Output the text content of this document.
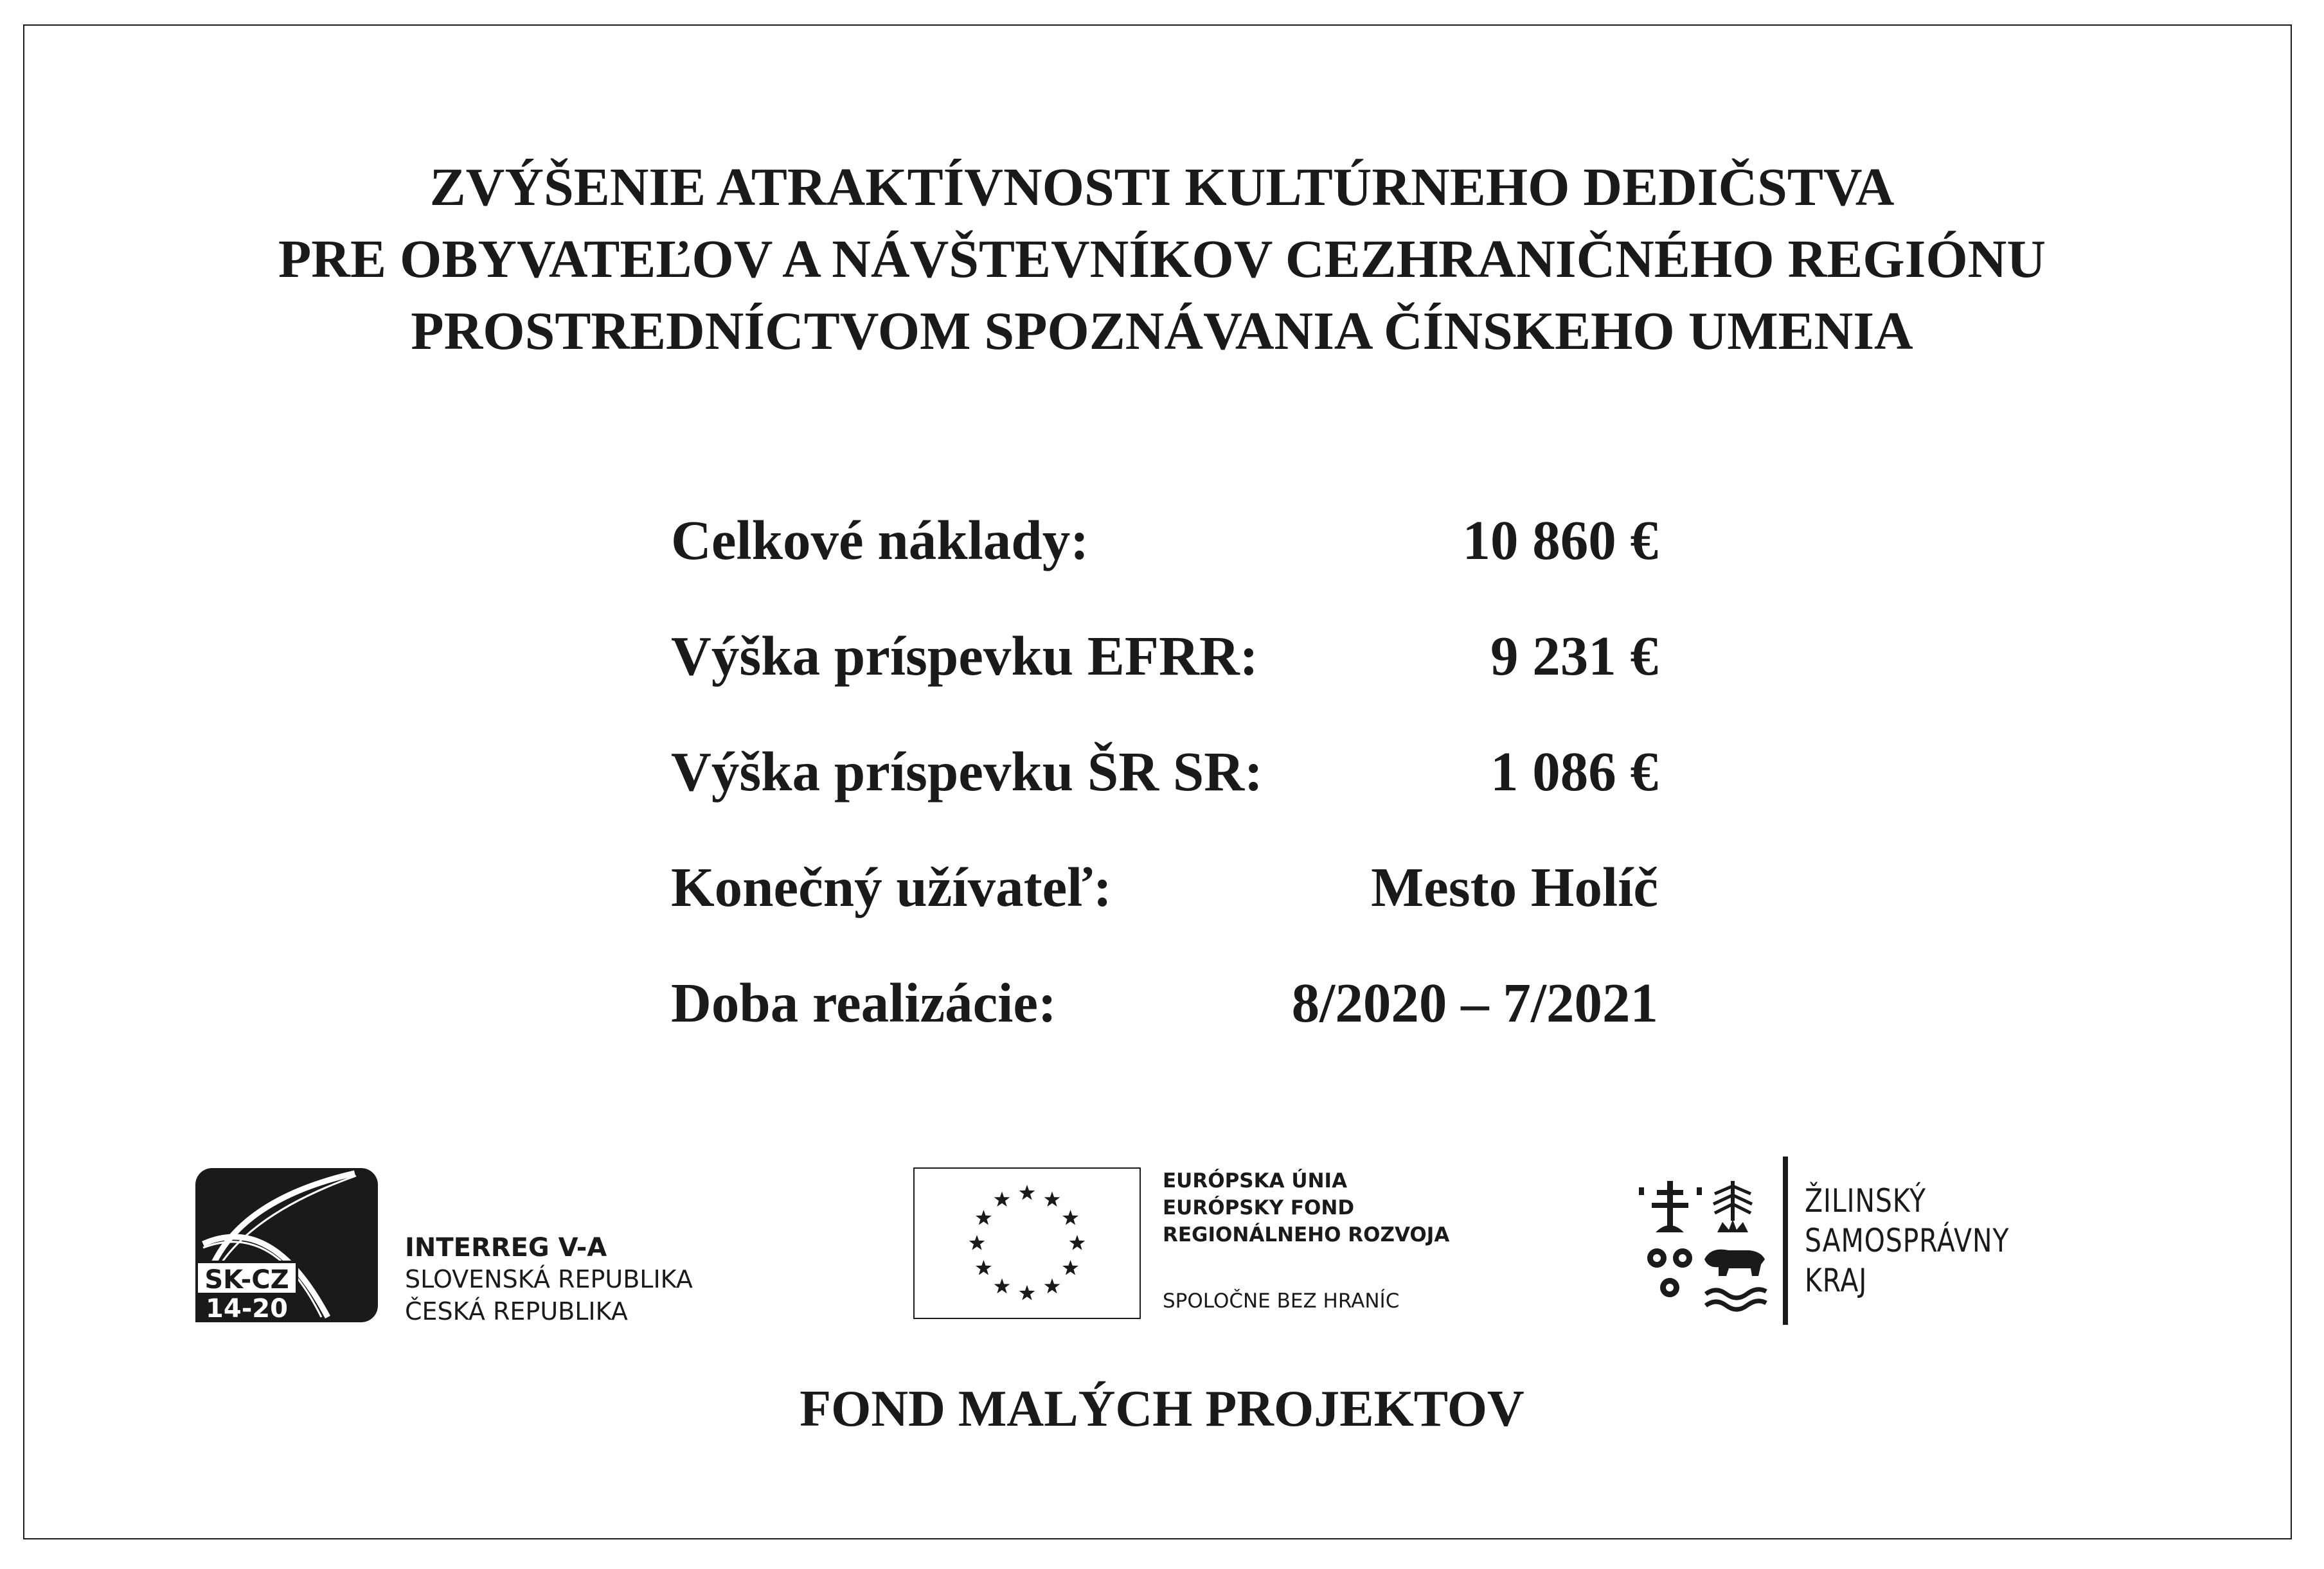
ZVÝŠENIE ATRAKTÍVNOSTI KULTÚRNEHO DEDIČSTVA
PRE OBYVATEĽOV A NÁVŠTEVNÍKOV CEZHRANIČNÉHO REGIÓNU
PROSTREDNÍCTVOM SPOZNÁVANIA ČÍNSKEHO UMENIA
Celkové náklady:	10 860 €
Výška príspevku EFRR:	9 231 €
Výška príspevku ŠR SR:	1 086 €
Konečný užívateľ:	Mesto Holíč
Doba realizácie:	8/2020 – 7/2021
SK-CZ
14-20
INTERREG V-A
SLOVENSKÁ REPUBLIKA
ČESKÁ REPUBLIKA
EURÓPSKA ÚNIA
EURÓPSKY FOND
REGIONÁLNEHO ROZVOJA
SPOLOČNE BEZ HRANÍC
ŽILINSKÝ
SAMOSPRÁVNY
KRAJ
FOND MALÝCH PROJEKTOV
